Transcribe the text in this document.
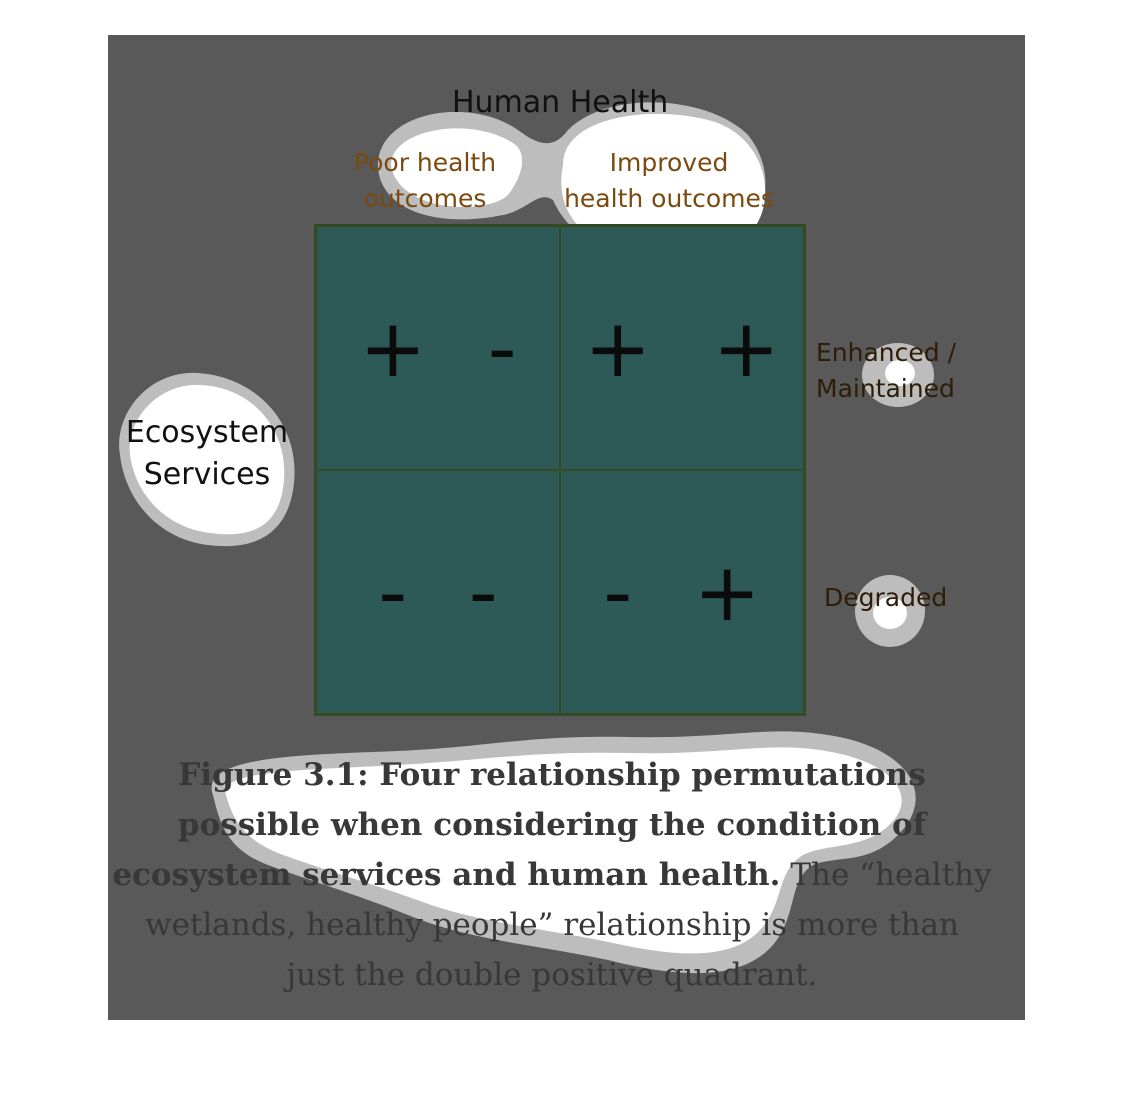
Human Health
Poor health
outcomes
Improved
health outcomes
Ecosystem
Services
Enhanced /
Maintained
Degraded
+ - + +
- -	- +
Figure 3.1: Four relationship permutations possible when considering the condition of ecosystem services and human health. The “healthy wetlands, healthy people” relationship is more than just the double positive quadrant.
